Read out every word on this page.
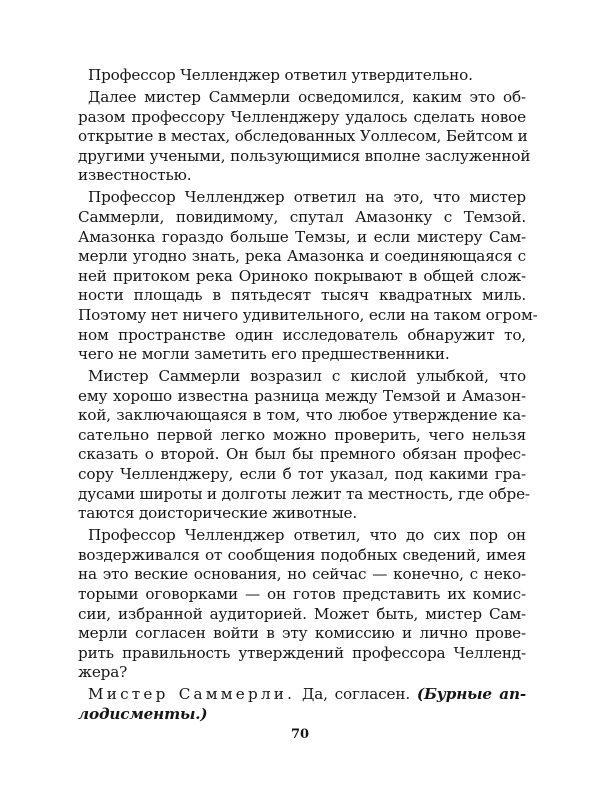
Профессор Челленджер ответил утвердительно.
Далее мистер Саммерли осведомился, каким это об-
разом профессору Челленджеру удалось сделать новое
открытие в местах, обследованных Уоллесом, Бейтсом и
другими учеными, пользующимися вполне заслуженной
известностью.
Профессор Челленджер ответил на это, что мистер
Саммерли, повидимому, спутал Амазонку с Темзой.
Амазонка гораздо больше Темзы, и если мистеру Сам-
мерли угодно знать, река Амазонка и соединяющаяся с
ней притоком река Ориноко покрывают в общей слож-
ности площадь в пятьдесят тысяч квадратных миль.
Поэтому нет ничего удивительного, если на таком огром-
ном пространстве один исследователь обнаружит то,
чего не могли заметить его предшественники.
Мистер Саммерли возразил с кислой улыбкой, что
ему хорошо известна разница между Темзой и Амазон-
кой, заключающаяся в том, что любое утверждение ка-
сательно первой легко можно проверить, чего нельзя
сказать о второй. Он был бы премного обязан профес-
сору Челленджеру, если б тот указал, под какими гра-
дусами широты и долготы лежит та местность, где обре-
таются доисторические животные.
Профессор Челленджер ответил, что до сих пор он
воздерживался от сообщения подобных сведений, имея
на это веские основания, но сейчас — конечно, с неко-
торыми оговорками — он готов представить их комис-
сии, избранной аудиторией. Может быть, мистер Сам-
мерли согласен войти в эту комиссию и лично прове-
рить правильность утверждений профессора Челленд-
жера?
Мистер Саммерли. Да, согласен. (Бурные ап-
лодисменты.)
70
